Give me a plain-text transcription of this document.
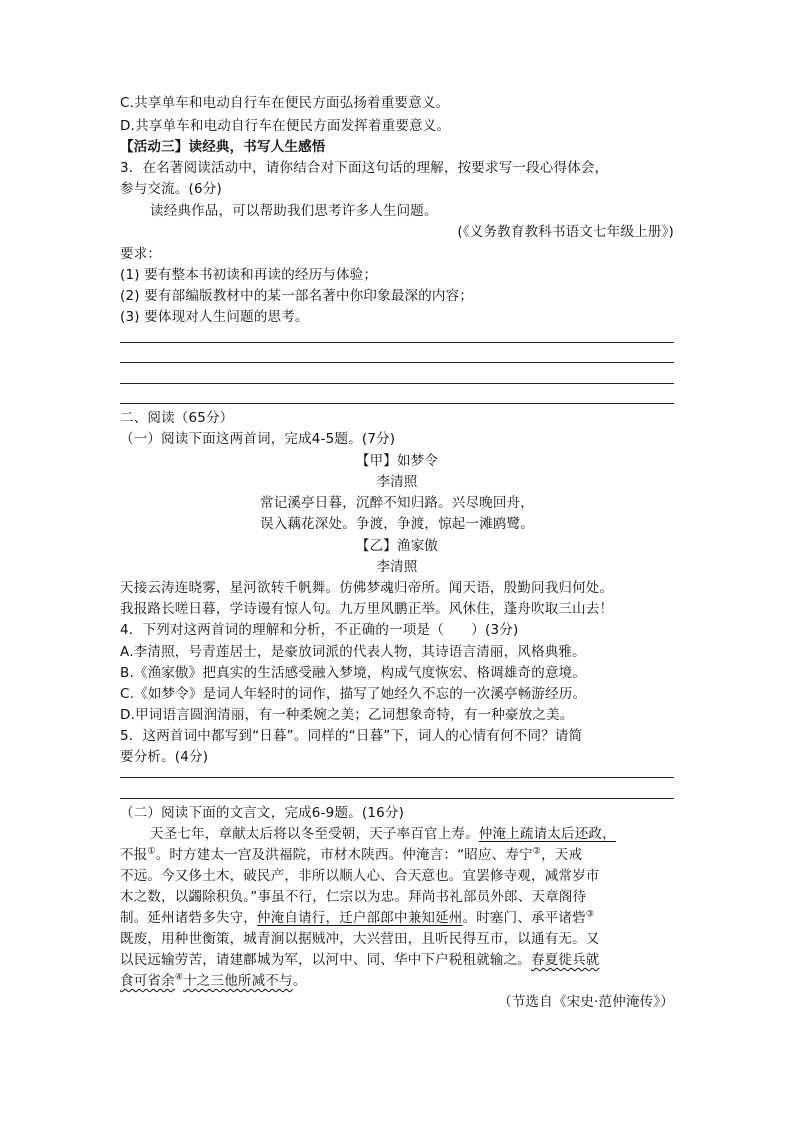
C.共享单车和电动自行车在便民方面弘扬着重要意义。
D.共享单车和电动自行车在便民方面发挥着重要意义。
【活动三】读经典，书写人生感悟
3．在名著阅读活动中，请你结合对下面这句话的理解，按要求写一段心得体会，
参与交流。(6分)
读经典作品，可以帮助我们思考许多人生问题。
(《义务教育教科书语文七年级上册》)
要求：
(1) 要有整本书初读和再读的经历与体验；
(2) 要有部编版教材中的某一部名著中你印象最深的内容；
(3) 要体现对人生问题的思考。
二、阅读（65分）
（一）阅读下面这两首词，完成4-5题。(7分)
【甲】如梦令
李清照
常记溪亭日暮，沉醉不知归路。兴尽晚回舟，
误入藕花深处。争渡，争渡，惊起一滩鸥鹭。
【乙】渔家傲
李清照
天接云涛连晓雾，星河欲转千帆舞。仿佛梦魂归帝所。闻天语，殷勤问我归何处。
我报路长嗟日暮，学诗谩有惊人句。九万里风鹏正举。风休住，蓬舟吹取三山去！
4．下列对这两首词的理解和分析，不正确的一项是（　　）(3分)
A.李清照，号青莲居士，是豪放词派的代表人物，其诗语言清丽，风格典雅。
B.《渔家傲》把真实的生活感受融入梦境，构成气度恢宏、格调雄奇的意境。
C.《如梦令》是词人年轻时的词作，描写了她经久不忘的一次溪亭畅游经历。
D.甲词语言圆润清丽，有一种柔婉之美；乙词想象奇特，有一种豪放之美。
5．这两首词中都写到“日暮”。同样的“日暮”下，词人的心情有何不同？请简
要分析。(4分)
（二）阅读下面的文言文，完成6-9题。(16分)
天圣七年，章献太后将以冬至受朝，天子率百官上寿。仲淹上疏请太后还政，
不报①。时方建太一宫及洪福院，市材木陕西。仲淹言：“昭应、寿宁②，天戒
不远。今又侈土木，破民产，非所以顺人心、合天意也。宜罢修寺观，减常岁市
木之数，以蠲除积负。”事虽不行，仁宗以为忠。拜尚书礼部员外郎、天章阁待
制。延州诸砦多失守，仲淹自请行，迁户部郎中兼知延州。时塞门、承平诸砦③
既废，用种世衡策，城青涧以据贼冲，大兴营田，且听民得互市，以通有无。又
以民远输劳苦，请建鄜城为军，以河中、同、华中下户税租就输之。春夏徙兵就
食可省余④十之三他所减不与。
（节选自《宋史·范仲淹传》）
